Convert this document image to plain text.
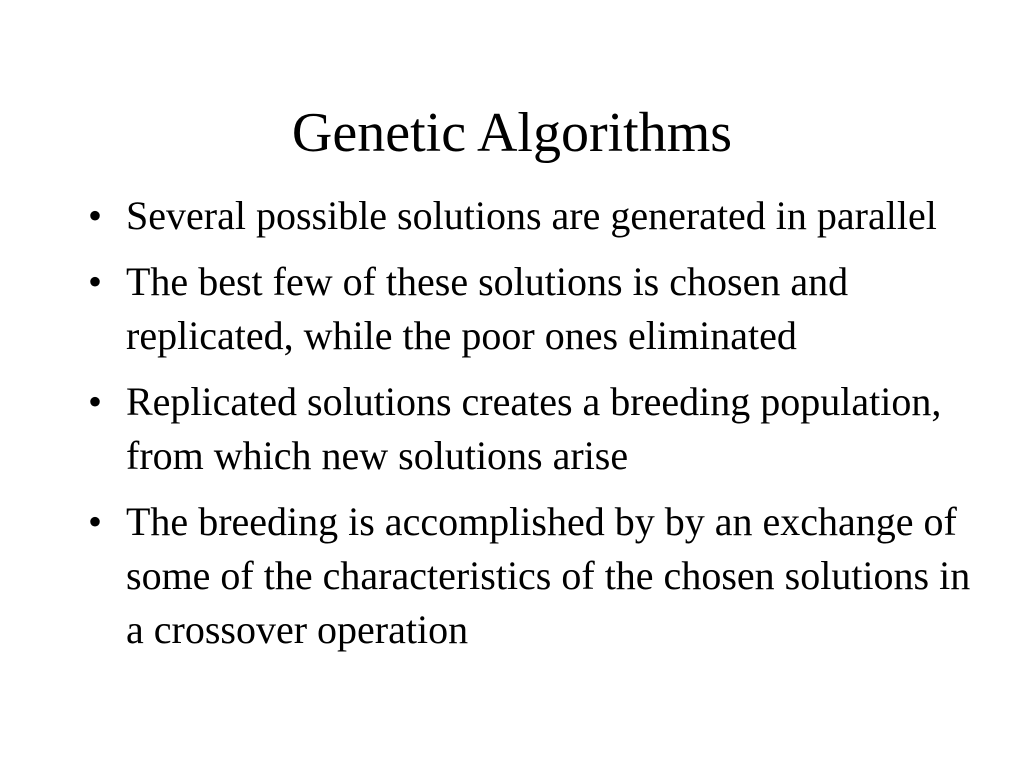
Genetic Algorithms
• Several possible solutions are generated in parallel
• The best few of these solutions is chosen and replicated, while the poor ones eliminated
• Replicated solutions creates a breeding population, from which new solutions arise
• The breeding is accomplished by by an exchange of some of the characteristics of the chosen solutions in a crossover operation
